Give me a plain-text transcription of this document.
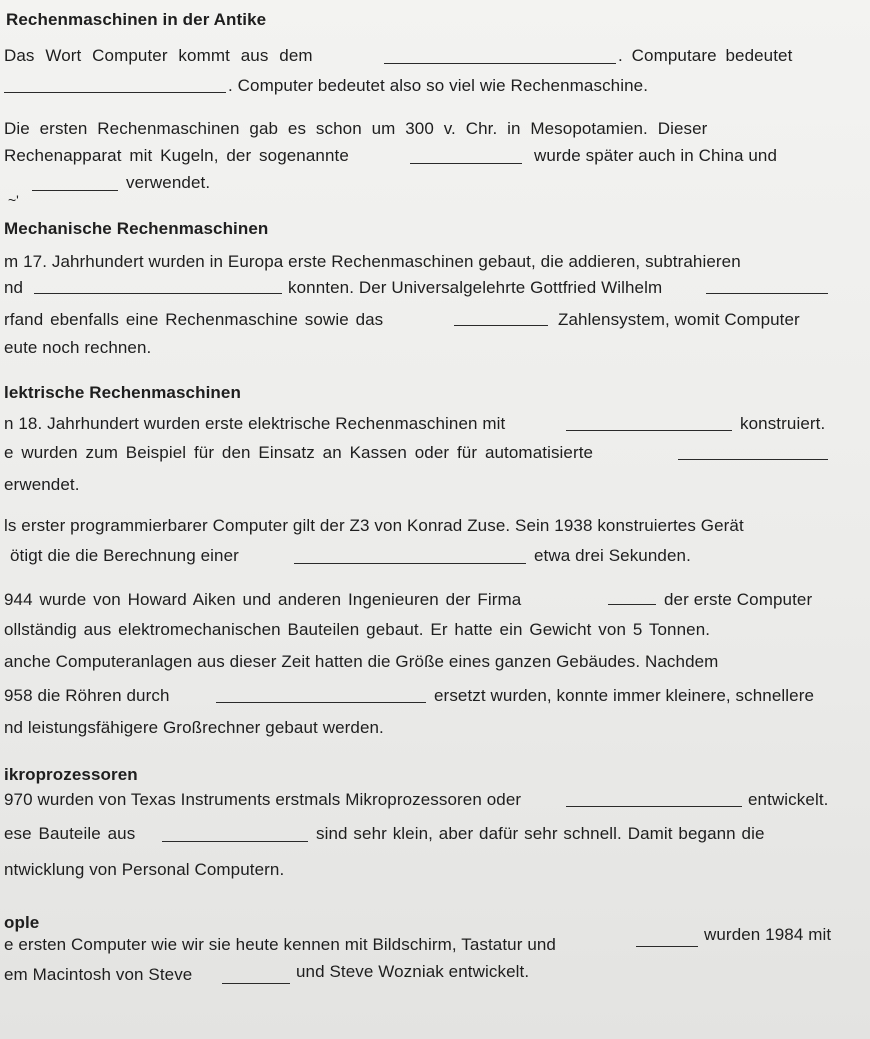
Rechenmaschinen in der Antike
Das Wort Computer kommt aus dem	. Computare bedeutet
. Computer bedeutet also so viel wie Rechenmaschine.
Die ersten Rechenmaschinen gab es schon um 300 v. Chr. in Mesopotamien. Dieser
Rechenapparat mit Kugeln, der sogenannte	wurde später auch in China und
verwendet.
~'
Mechanische Rechenmaschinen
m 17. Jahrhundert wurden in Europa erste Rechenmaschinen gebaut, die addieren, subtrahieren
nd	konnten. Der Universalgelehrte Gottfried Wilhelm
rfand ebenfalls eine Rechenmaschine sowie das	Zahlensystem, womit Computer
eute noch rechnen.
lektrische Rechenmaschinen
n 18. Jahrhundert wurden erste elektrische Rechenmaschinen mit	konstruiert.
e wurden zum Beispiel für den Einsatz an Kassen oder für automatisierte
erwendet.
ls erster programmierbarer Computer gilt der Z3 von Konrad Zuse. Sein 1938 konstruiertes Gerät
ötigt die die Berechnung einer	etwa drei Sekunden.
944 wurde von Howard Aiken und anderen Ingenieuren der Firma	der erste Computer
ollständig aus elektromechanischen Bauteilen gebaut. Er hatte ein Gewicht von 5 Tonnen.
anche Computeranlagen aus dieser Zeit hatten die Größe eines ganzen Gebäudes. Nachdem
958 die Röhren durch	ersetzt wurden, konnte immer kleinere, schnellere
nd leistungsfähigere Großrechner gebaut werden.
ikroprozessoren
970 wurden von Texas Instruments erstmals Mikroprozessoren oder	entwickelt.
ese Bauteile aus	sind sehr klein, aber dafür sehr schnell. Damit begann die
ntwicklung von Personal Computern.
ople
e ersten Computer wie wir sie heute kennen mit Bildschirm, Tastatur und
wurden 1984 mit
em Macintosh von Steve	und Steve Wozniak entwickelt.
